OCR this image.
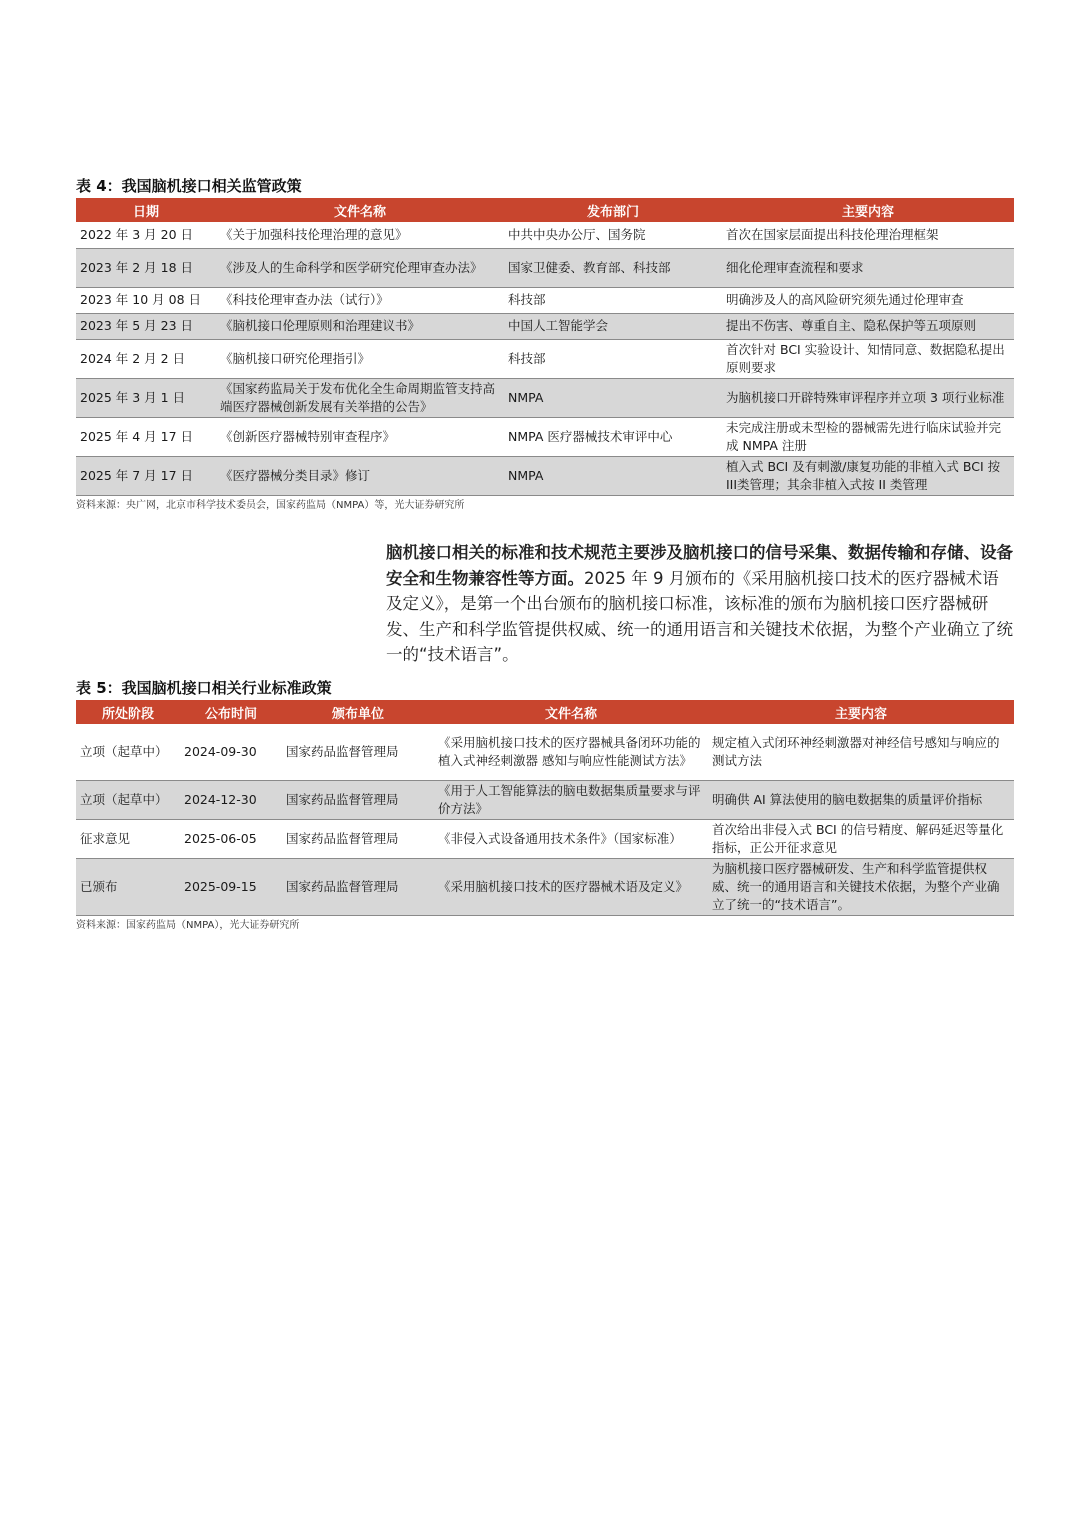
表 4：我国脑机接口相关监管政策
日期	文件名称	发布部门	主要内容
2022 年 3 月 20 日	《关于加强科技伦理治理的意见》	中共中央办公厅、国务院	首次在国家层面提出科技伦理治理框架
2023 年 2 月 18 日	《涉及人的生命科学和医学研究伦理审查办法》	国家卫健委、教育部、科技部	细化伦理审查流程和要求
2023 年 10 月 08 日	《科技伦理审查办法（试行）》	科技部	明确涉及人的高风险研究须先通过伦理审查
2023 年 5 月 23 日	《脑机接口伦理原则和治理建议书》	中国人工智能学会	提出不伤害、尊重自主、隐私保护等五项原则
2024 年 2 月 2 日	《脑机接口研究伦理指引》	科技部	首次针对 BCI 实验设计、知情同意、数据隐私提出原则要求
2025 年 3 月 1 日	《国家药监局关于发布优化全生命周期监管支持高端医疗器械创新发展有关举措的公告》	NMPA	为脑机接口开辟特殊审评程序并立项 3 项行业标准
2025 年 4 月 17 日	《创新医疗器械特别审查程序》	NMPA 医疗器械技术审评中心	未完成注册或未型检的器械需先进行临床试验并完成 NMPA 注册
2025 年 7 月 17 日	《医疗器械分类目录》修订	NMPA	植入式 BCI 及有刺激/康复功能的非植入式 BCI 按III类管理；其余非植入式按 II 类管理
资料来源：央广网，北京市科学技术委员会，国家药监局（NMPA）等，光大证券研究所
脑机接口相关的标准和技术规范主要涉及脑机接口的信号采集、数据传输和存储、设备安全和生物兼容性等方面。2025 年 9 月颁布的《采用脑机接口技术的医疗器械术语及定义》，是第一个出台颁布的脑机接口标准，该标准的颁布为脑机接口医疗器械研发、生产和科学监管提供权威、统一的通用语言和关键技术依据，为整个产业确立了统一的“技术语言”。
表 5：我国脑机接口相关行业标准政策
所处阶段	公布时间	颁布单位	文件名称	主要内容
立项（起草中）	2024-09-30	国家药品监督管理局	《采用脑机接口技术的医疗器械具备闭环功能的植入式神经刺激器 感知与响应性能测试方法》	规定植入式闭环神经刺激器对神经信号感知与响应的测试方法
立项（起草中）	2024-12-30	国家药品监督管理局	《用于人工智能算法的脑电数据集质量要求与评价方法》	明确供 AI 算法使用的脑电数据集的质量评价指标
征求意见	2025-06-05	国家药品监督管理局	《非侵入式设备通用技术条件》（国家标准）	首次给出非侵入式 BCI 的信号精度、解码延迟等量化指标，正公开征求意见
已颁布	2025-09-15	国家药品监督管理局	《采用脑机接口技术的医疗器械术语及定义》	为脑机接口医疗器械研发、生产和科学监管提供权威、统一的通用语言和关键技术依据，为整个产业确立了统一的“技术语言”。
资料来源：国家药监局（NMPA），光大证券研究所
